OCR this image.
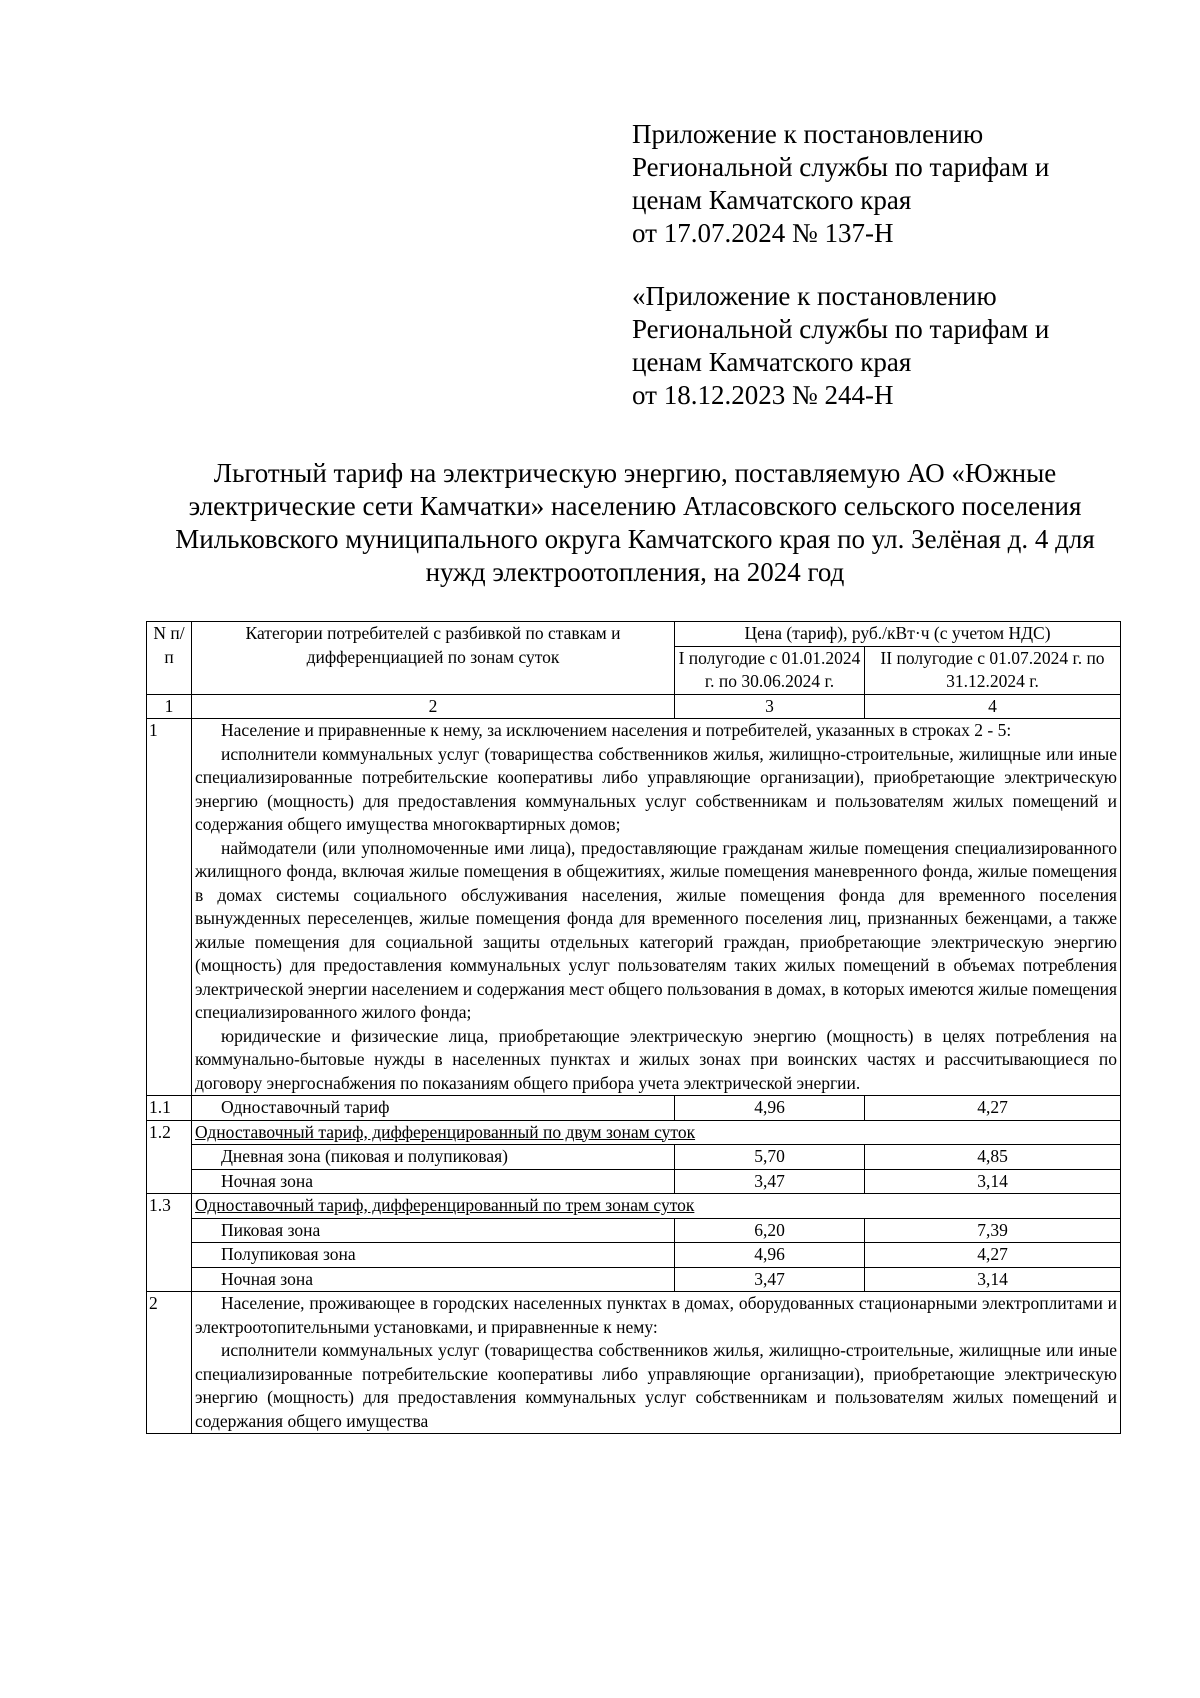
Приложение к постановлению
Региональной службы по тарифам и
ценам Камчатского края
от 17.07.2024 № 137-Н
«Приложение к постановлению
Региональной службы по тарифам и
ценам Камчатского края
от 18.12.2023 № 244-Н
Льготный тариф на электрическую энергию, поставляемую АО «Южные
электрические сети Камчатки» населению Атласовского сельского поселения
Мильковского муниципального округа Камчатского края по ул. Зелёная д. 4 для
нужд электроотопления, на 2024 год
N п/п	Категории потребителей с разбивкой по ставкам и дифференциацией по зонам суток	Цена (тариф), руб./кВт·ч (с учетом НДС)	
		I полугодие с 01.01.2024 г. по 30.06.2024 г.	II полугодие с 01.07.2024 г. по 31.12.2024 г.
1	2	3	4
1	Население и приравненные к нему, за исключением населения и потребителей, указанных в строках 2 - 5:
исполнители коммунальных услуг (товарищества собственников жилья, жилищно-строительные, жилищные или иные специализированные потребительские кооперативы либо управляющие организации), приобретающие электрическую энергию (мощность) для предоставления коммунальных услуг собственникам и пользователям жилых помещений и содержания общего имущества многоквартирных домов;
наймодатели (или уполномоченные ими лица), предоставляющие гражданам жилые помещения специализированного жилищного фонда, включая жилые помещения в общежитиях, жилые помещения маневренного фонда, жилые помещения в домах системы социального обслуживания населения, жилые помещения фонда для временного поселения вынужденных переселенцев, жилые помещения фонда для временного поселения лиц, признанных беженцами, а также жилые помещения для социальной защиты отдельных категорий граждан, приобретающие электрическую энергию (мощность) для предоставления коммунальных услуг пользователям таких жилых помещений в объемах потребления электрической энергии населением и содержания мест общего пользования в домах, в которых имеются жилые помещения специализированного жилого фонда;
юридические и физические лица, приобретающие электрическую энергию (мощность) в целях потребления на коммунально-бытовые нужды в населенных пунктах и жилых зонах при воинских частях и рассчитывающиеся по договору энергоснабжения по показаниям общего прибора учета электрической энергии.		

1.1	Одноставочный тариф	4,96	4,27
1.2	Одноставочный тариф, дифференцированный по двум зонам суток		
	Дневная зона (пиковая и полупиковая)	5,70	4,85
	Ночная зона	3,47	3,14
1.3	Одноставочный тариф, дифференцированный по трем зонам суток		
	Пиковая зона	6,20	7,39
	Полупиковая зона	4,96	4,27
	Ночная зона	3,47	3,14
2	Население, проживающее в городских населенных пунктах в домах, оборудованных стационарными электроплитами и электроотопительными установками, и приравненные к нему:
исполнители коммунальных услуг (товарищества собственников жилья, жилищно-строительные, жилищные или иные специализированные потребительские кооперативы либо управляющие организации), приобретающие электрическую энергию (мощность) для предоставления коммунальных услуг собственникам и пользователям жилых помещений и содержания общего имущества		
